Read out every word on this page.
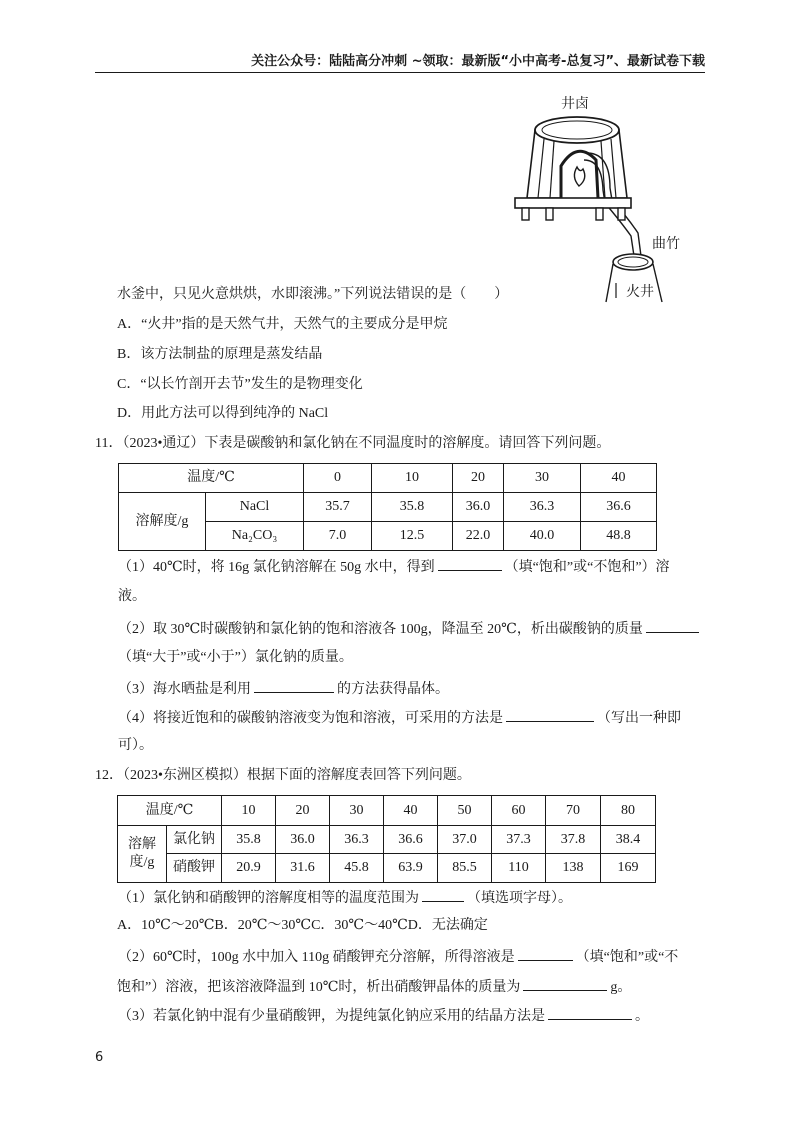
关注公众号：陆陆高分冲刺 ~领取：最新版“小中高考-总复习”、最新试卷下载
井卤
曲竹
火井
水釜中，只见火意烘烘，水即滚沸。”下列说法错误的是（　　）
A．“火井”指的是天然气井，天然气的主要成分是甲烷
B．该方法制盐的原理是蒸发结晶
C．“以长竹剖开去节”发生的是物理变化
D．用此方法可以得到纯净的 NaCl
11．（2023•通辽）下表是碳酸钠和氯化钠在不同温度时的溶解度。请回答下列问题。
温度/℃		0	10	20	30	40
溶解度/g	NaCl	35.7	35.8	36.0	36.3	36.6
	Na₂CO₃	7.0	12.5	22.0	40.0	48.8
（1）40℃时，将 16g 氯化钠溶解在 50g 水中，得到	（填“饱和”或“不饱和”）溶
液。
（2）取 30℃时碳酸钠和氯化钠的饱和溶液各 100g，降温至 20℃，析出碳酸钠的质量
（填“大于”或“小于”）氯化钠的质量。
（3）海水晒盐是利用	的方法获得晶体。
（4）将接近饱和的碳酸钠溶液变为饱和溶液，可采用的方法是	（写出一种即
可）。
12．（2023•东洲区模拟）根据下面的溶解度表回答下列问题。
温度/℃		10	20	30	40	50	60	70	80

溶解
度/g	氯化钠	35.8	36.0	36.3	36.6	37.0	37.3	37.8	38.4
	硝酸钾	20.9	31.6	45.8	63.9	85.5	110	138	169
（1）氯化钠和硝酸钾的溶解度相等的温度范围为	（填选项字母）。
A．10℃～20℃B．20℃～30℃C．30℃～40℃D．无法确定
（2）60℃时，100g 水中加入 110g 硝酸钾充分溶解，所得溶液是	（填“饱和”或“不
饱和”）溶液，把该溶液降温到 10℃时，析出硝酸钾晶体的质量为	g。
（3）若氯化钠中混有少量硝酸钾，为提纯氯化钠应采用的结晶方法是	。
6
